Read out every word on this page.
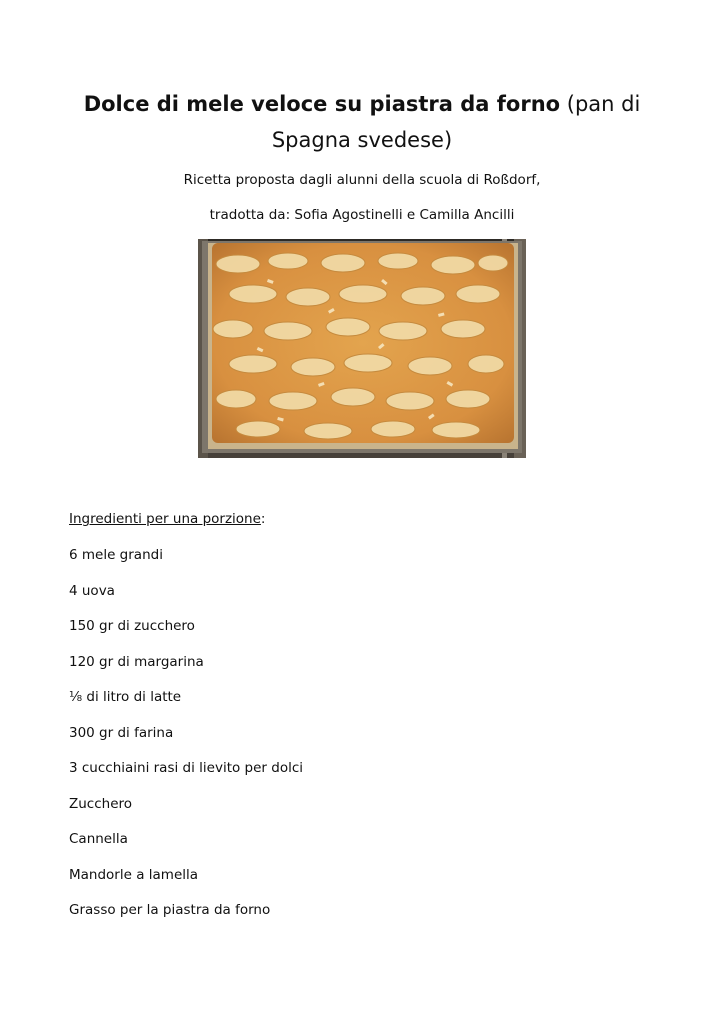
Dolce di mele veloce su piastra da forno (pan di Spagna svedese)
Ricetta proposta dagli alunni della scuola di Roßdorf,
tradotta da: Sofia Agostinelli e Camilla Ancilli
Ingredienti per una porzione:
6 mele grandi
4 uova
150 gr di zucchero
120 gr di margarina
⅛ di litro di latte
300 gr di farina
3 cucchiaini rasi di lievito per dolci
Zucchero
Cannella
Mandorle a lamella
Grasso per la piastra da forno
